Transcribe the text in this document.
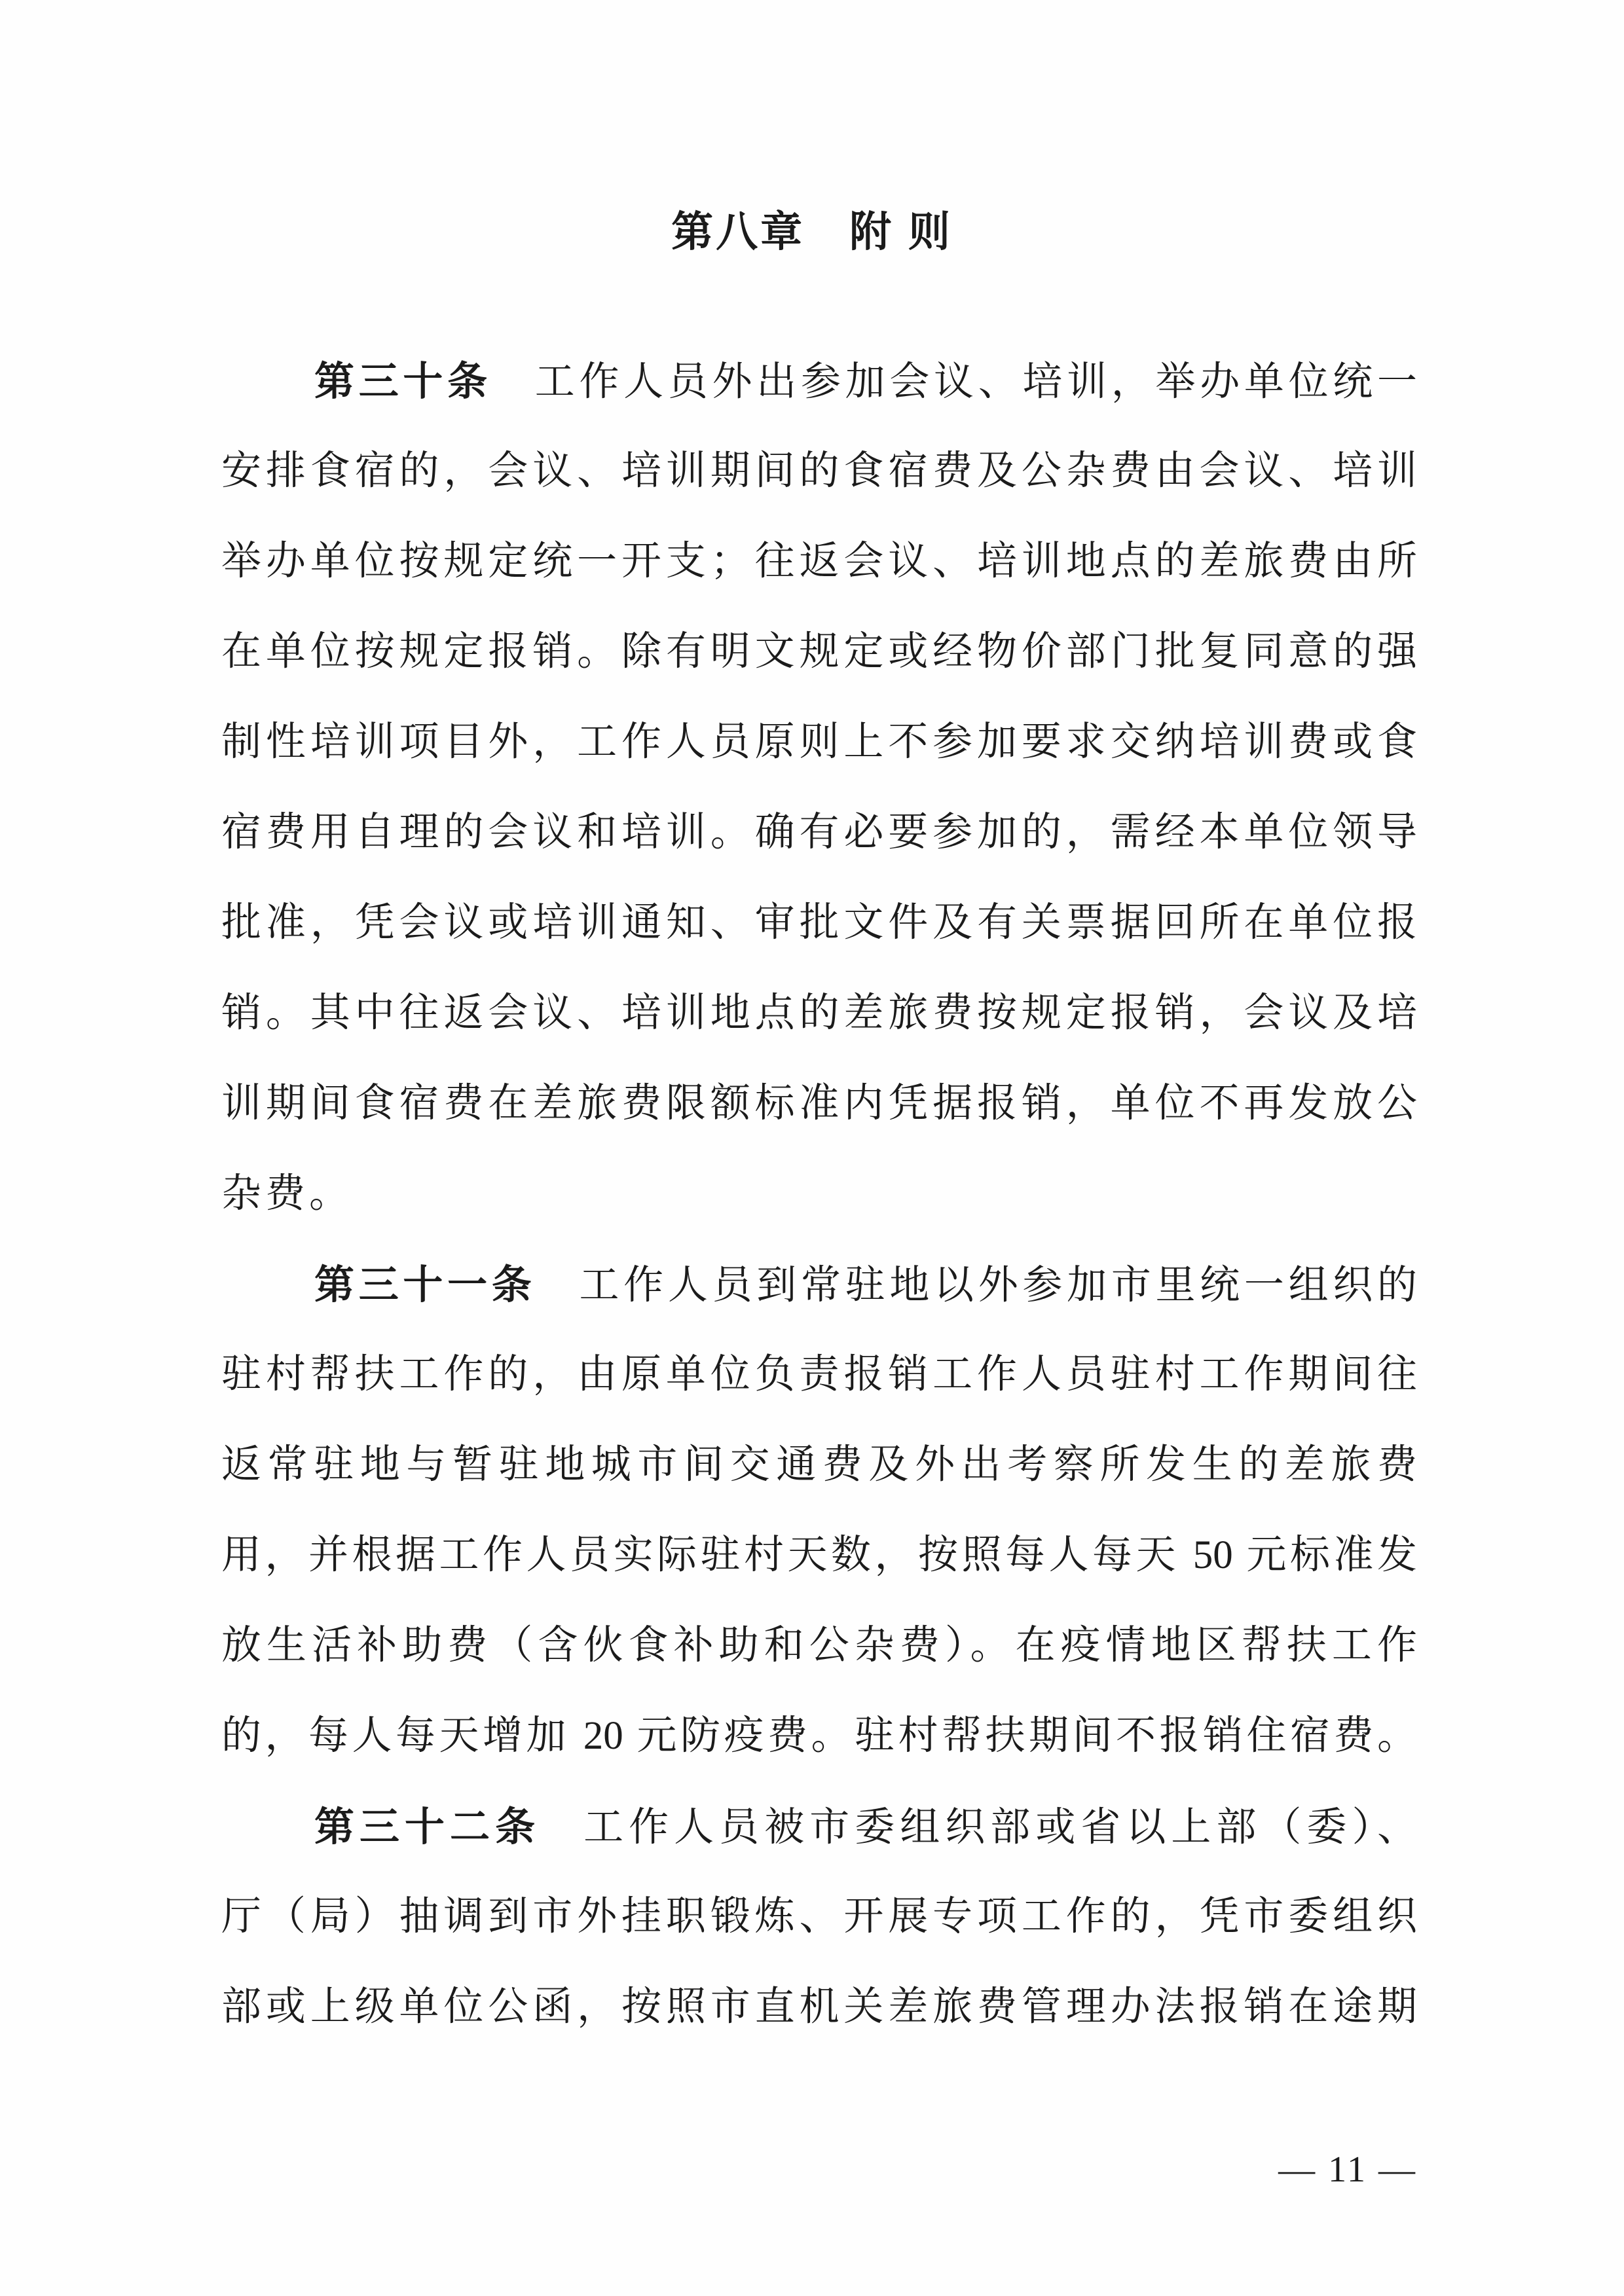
第八章　附 则
第三十条 工作人员外出参加会议、培训，举办单位统一
安排食宿的，会议、培训期间的食宿费及公杂费由会议、培训
举办单位按规定统一开支；往返会议、培训地点的差旅费由所
在单位按规定报销。除有明文规定或经物价部门批复同意的强
制性培训项目外，工作人员原则上不参加要求交纳培训费或食
宿费用自理的会议和培训。确有必要参加的，需经本单位领导
批准，凭会议或培训通知、审批文件及有关票据回所在单位报
销。其中往返会议、培训地点的差旅费按规定报销，会议及培
训期间食宿费在差旅费限额标准内凭据报销，单位不再发放公
杂费。
第三十一条 工作人员到常驻地以外参加市里统一组织的
驻村帮扶工作的，由原单位负责报销工作人员驻村工作期间往
返常驻地与暂驻地城市间交通费及外出考察所发生的差旅费
用，并根据工作人员实际驻村天数，按照每人每天 50 元标准发
放生活补助费（含伙食补助和公杂费）。在疫情地区帮扶工作
的，每人每天增加 20 元防疫费。驻村帮扶期间不报销住宿费。
第三十二条 工作人员被市委组织部或省以上部（委）、
厅（局）抽调到市外挂职锻炼、开展专项工作的，凭市委组织
部或上级单位公函，按照市直机关差旅费管理办法报销在途期
— 11 —
